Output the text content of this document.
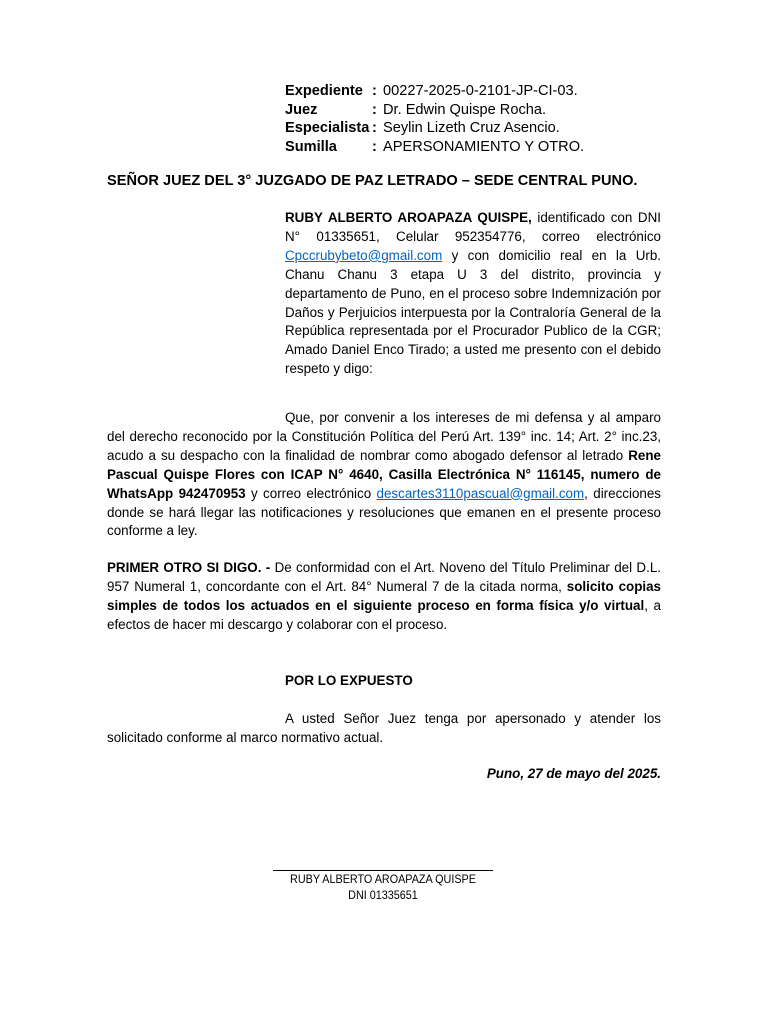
Expediente : 00227-2025-0-2101-JP-CI-03.
Juez	: Dr. Edwin Quispe Rocha.
Especialista : Seylin Lizeth Cruz Asencio.
Sumilla	: APERSONAMIENTO Y OTRO.
SEÑOR JUEZ DEL 3° JUZGADO DE PAZ LETRADO – SEDE CENTRAL PUNO.
RUBY ALBERTO AROAPAZA QUISPE, identificado con DNI N° 01335651, Celular 952354776, correo electrónico Cpccrubybeto@gmail.com y con domicilio real en la Urb. Chanu Chanu 3 etapa U 3 del distrito, provincia y departamento de Puno, en el proceso sobre Indemnización por Daños y Perjuicios interpuesta por la Contraloría General de la República representada por el Procurador Publico de la CGR; Amado Daniel Enco Tirado; a usted me presento con el debido respeto y digo:
Que, por convenir a los intereses de mi defensa y al amparo del derecho reconocido por la Constitución Política del Perú Art. 139° inc. 14; Art. 2° inc.23, acudo a su despacho con la finalidad de nombrar como abogado defensor al letrado Rene Pascual Quispe Flores con ICAP N° 4640, Casilla Electrónica N° 116145, numero de WhatsApp 942470953 y correo electrónico descartes3110pascual@gmail.com, direcciones donde se hará llegar las notificaciones y resoluciones que emanen en el presente proceso conforme a ley.
PRIMER OTRO SI DIGO. - De conformidad con el Art. Noveno del Título Preliminar del D.L. 957 Numeral 1, concordante con el Art. 84° Numeral 7 de la citada norma, solicito copias simples de todos los actuados en el siguiente proceso en forma física y/o virtual, a efectos de hacer mi descargo y colaborar con el proceso.
POR LO EXPUESTO
A usted Señor Juez tenga por apersonado y atender los solicitado conforme al marco normativo actual.
Puno, 27 de mayo del 2025.
RUBY ALBERTO AROAPAZA QUISPE
DNI 01335651
